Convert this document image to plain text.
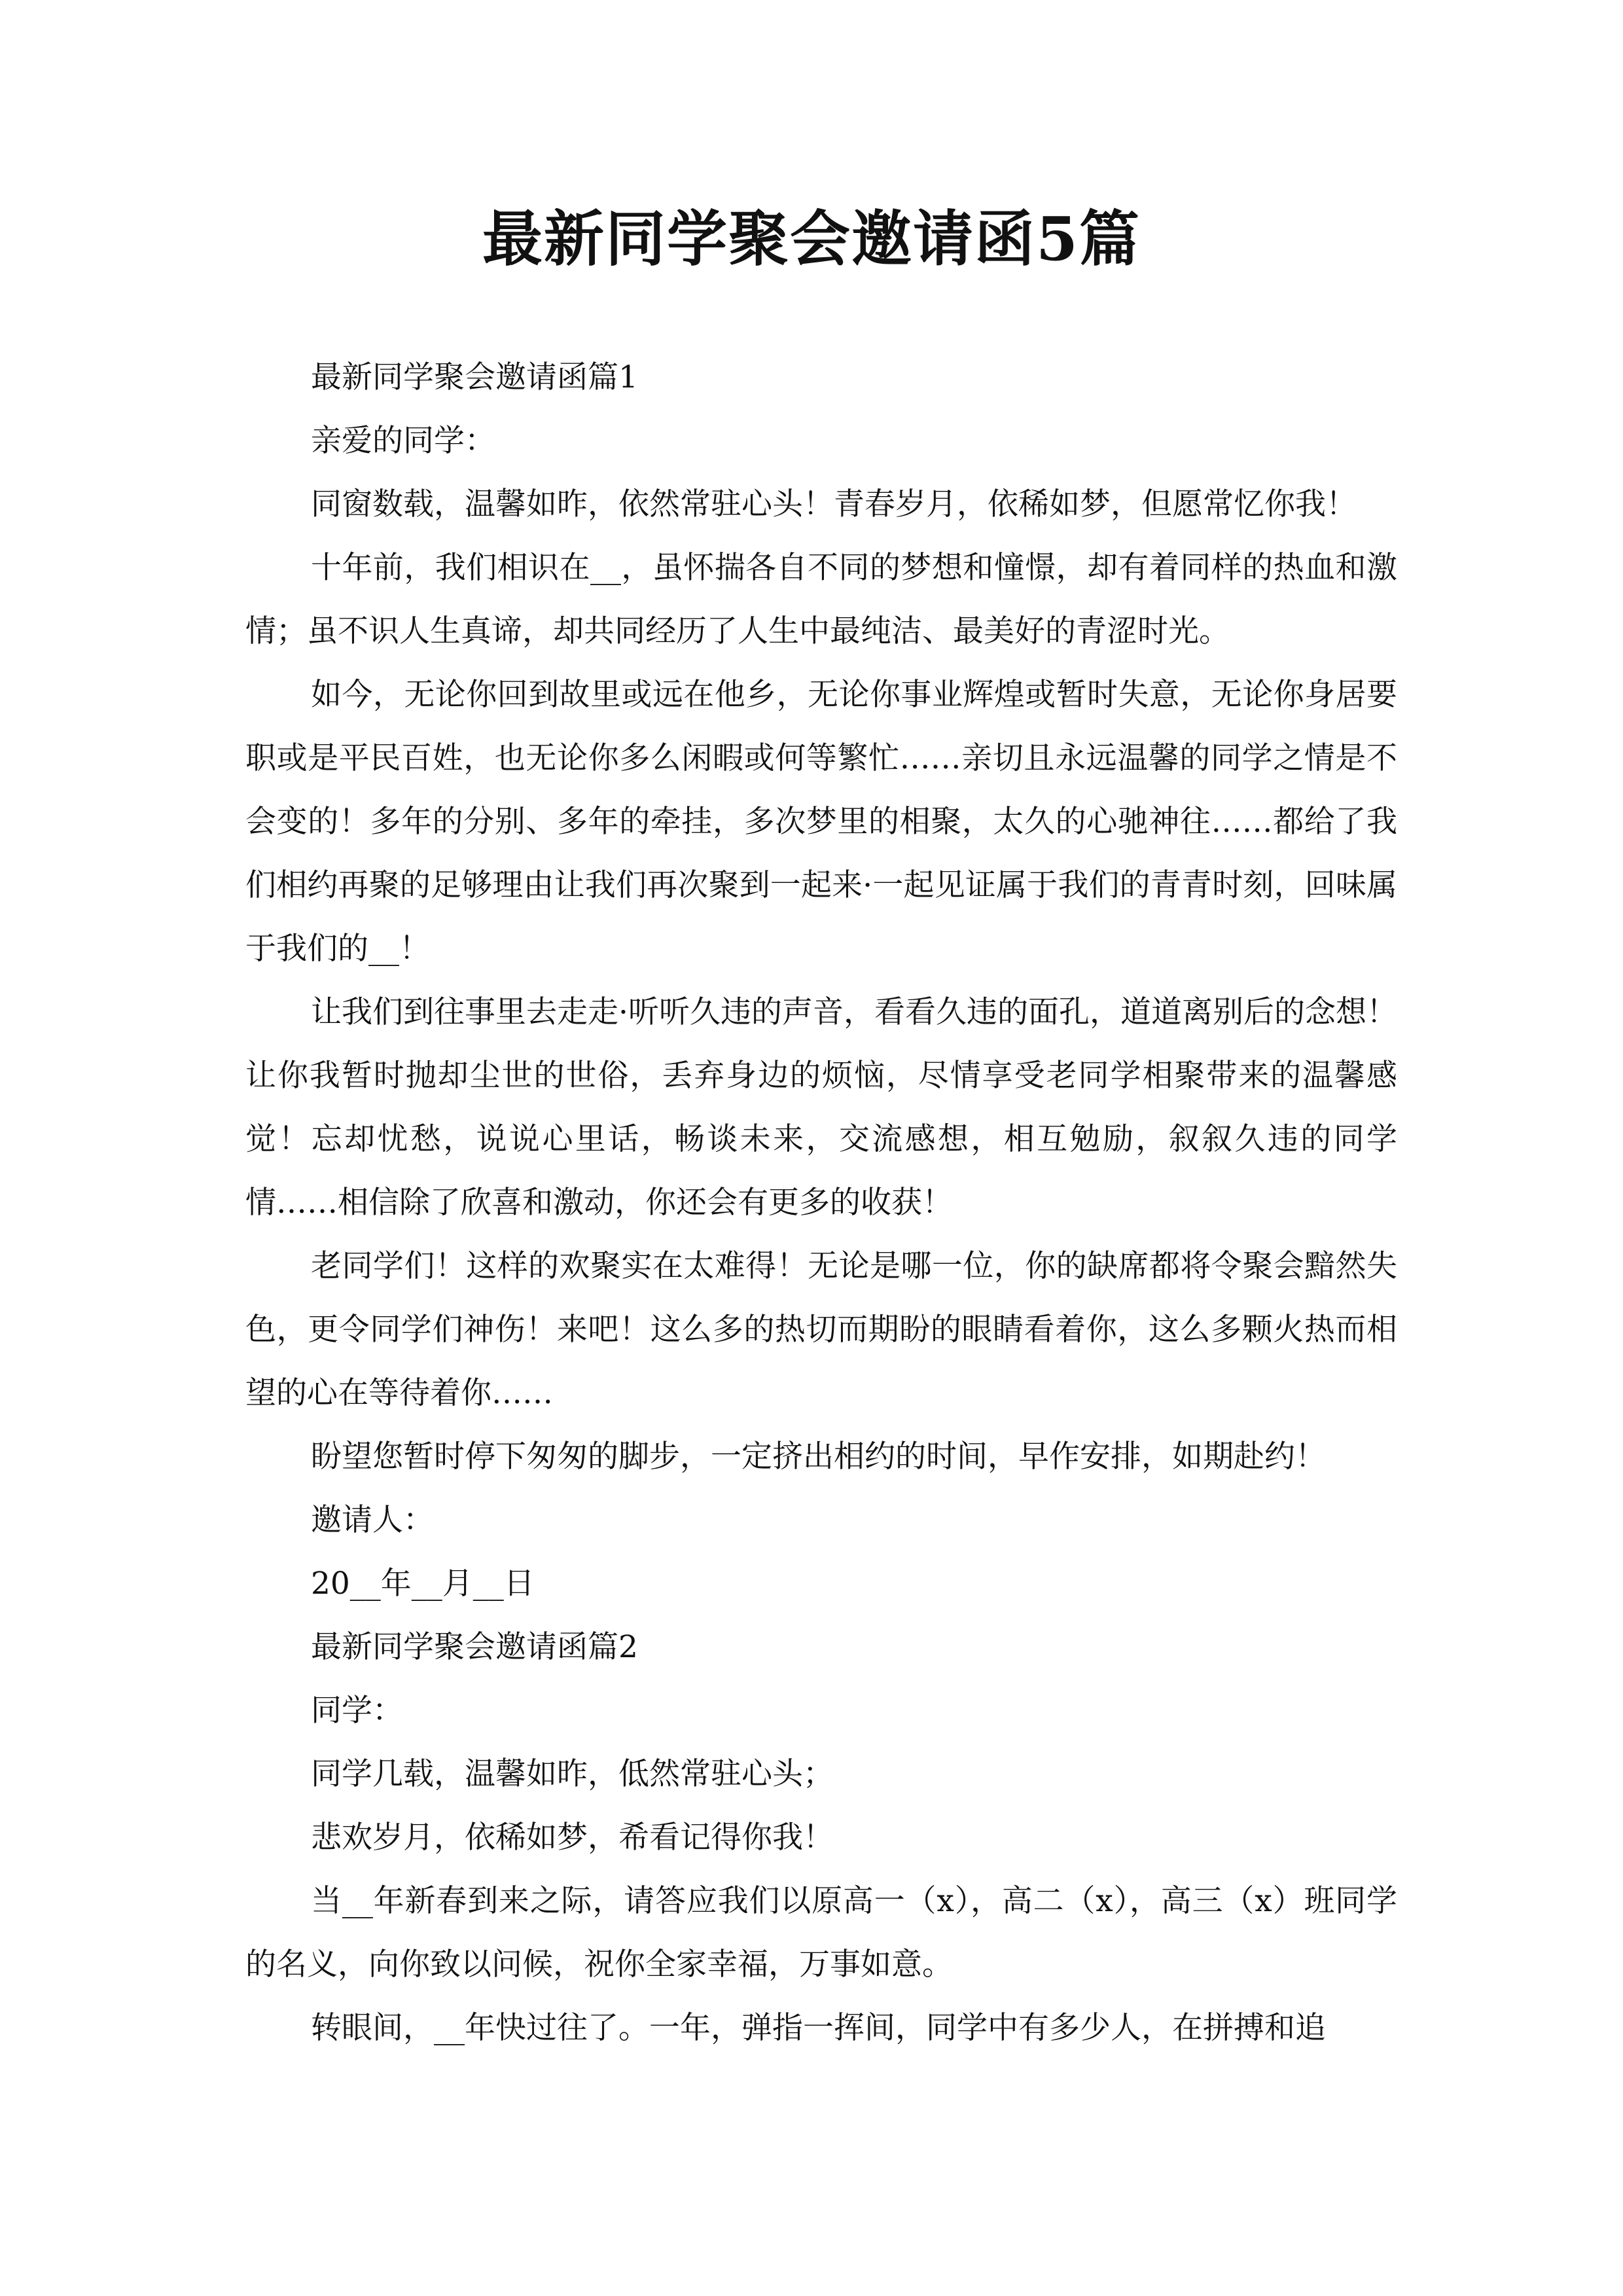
最新同学聚会邀请函5篇

最新同学聚会邀请函篇1

亲爱的同学：

同窗数载，温馨如昨，依然常驻心头！青春岁月，依稀如梦，但愿常忆你我！

十年前，我们相识在__，虽怀揣各自不同的梦想和憧憬，却有着同样的热血和激情；虽不识人生真谛，却共同经历了人生中最纯洁、最美好的青涩时光。

如今，无论你回到故里或远在他乡，无论你事业辉煌或暂时失意，无论你身居要职或是平民百姓，也无论你多么闲暇或何等繁忙……亲切且永远温馨的同学之情是不会变的！多年的分别、多年的牵挂，多次梦里的相聚，太久的心驰神往……都给了我们相约再聚的足够理由让我们再次聚到一起来·一起见证属于我们的青青时刻，回味属于我们的__！

让我们到往事里去走走·听听久违的声音，看看久违的面孔，道道离别后的念想！让你我暂时抛却尘世的世俗，丢弃身边的烦恼，尽情享受老同学相聚带来的温馨感觉！忘却忧愁，说说心里话，畅谈未来，交流感想，相互勉励，叙叙久违的同学情……相信除了欣喜和激动，你还会有更多的收获！

老同学们！这样的欢聚实在太难得！无论是哪一位，你的缺席都将令聚会黯然失色，更令同学们神伤！来吧！这么多的热切而期盼的眼睛看着你，这么多颗火热而相望的心在等待着你……

盼望您暂时停下匆匆的脚步，一定挤出相约的时间，早作安排，如期赴约！

邀请人：

20__年__月__日

最新同学聚会邀请函篇2

同学：

同学几载，温馨如昨，低然常驻心头；

悲欢岁月，依稀如梦，希看记得你我！

当__年新春到来之际，请答应我们以原高一（x），高二（x），高三（x）班同学的名义，向你致以问候，祝你全家幸福，万事如意。

转眼间，__年快过往了。一年，弹指一挥间，同学中有多少人，在拼搏和追
